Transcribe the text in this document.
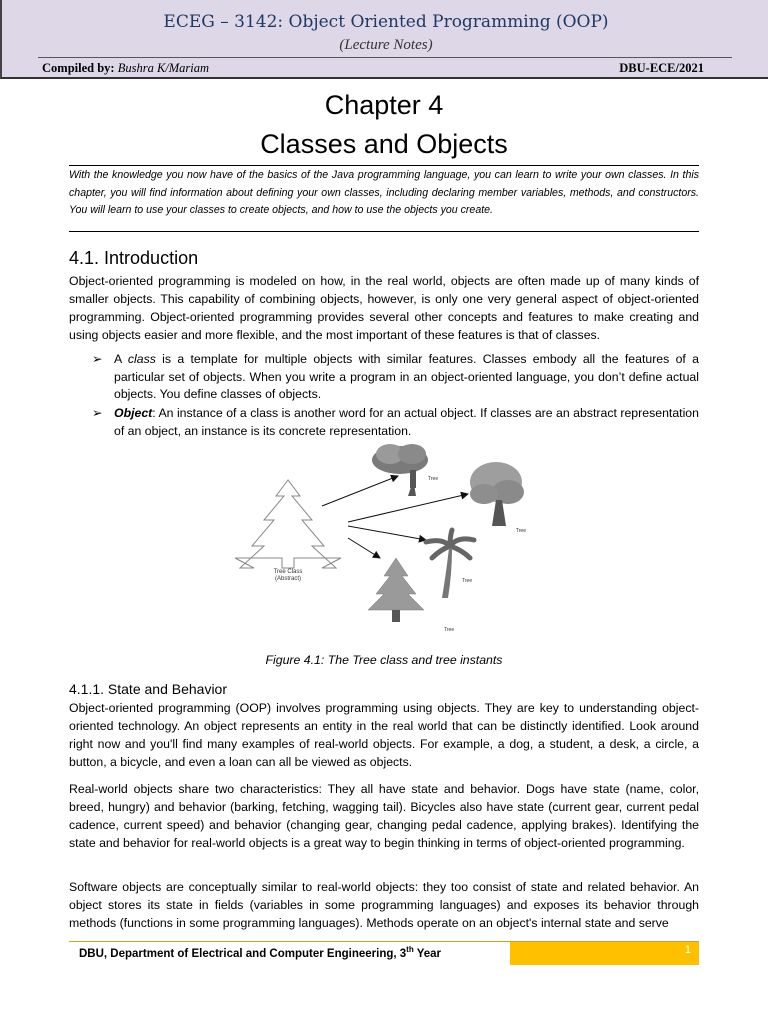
ECEG – 3142: Object Oriented Programming (OOP)
(Lecture Notes)
Compiled by: Bushra K/Mariam	DBU-ECE/2021
Chapter 4
Classes and Objects
With the knowledge you now have of the basics of the Java programming language, you can learn to write your own classes. In this chapter, you will find information about defining your own classes, including declaring member variables, methods, and constructors. You will learn to use your classes to create objects, and how to use the objects you create.
4.1. Introduction
Object-oriented programming is modeled on how, in the real world, objects are often made up of many kinds of smaller objects. This capability of combining objects, however, is only one very general aspect of object-oriented programming. Object-oriented programming provides several other concepts and features to make creating and using objects easier and more flexible, and the most important of these features is that of classes.
➢ A class is a template for multiple objects with similar features. Classes embody all the features of a particular set of objects. When you write a program in an object-oriented language, you don’t define actual objects. You define classes of objects.
➢ Object: An instance of a class is another word for an actual object. If classes are an abstract representation of an object, an instance is its concrete representation.
Tree Class
(Abstract)
Tree
Tree
Tree
Tree
Figure 4.1: The Tree class and tree instants
4.1.1. State and Behavior
Object-oriented programming (OOP) involves programming using objects. They are key to understanding object-oriented technology. An object represents an entity in the real world that can be distinctly identified. Look around right now and you'll find many examples of real-world objects. For example, a dog, a student, a desk, a circle, a button, a bicycle, and even a loan can all be viewed as objects.
Real-world objects share two characteristics: They all have state and behavior. Dogs have state (name, color, breed, hungry) and behavior (barking, fetching, wagging tail). Bicycles also have state (current gear, current pedal cadence, current speed) and behavior (changing gear, changing pedal cadence, applying brakes). Identifying the state and behavior for real-world objects is a great way to begin thinking in terms of object-oriented programming.
Software objects are conceptually similar to real-world objects: they too consist of state and related behavior. An object stores its state in fields (variables in some programming languages) and exposes its behavior through methods (functions in some programming languages). Methods operate on an object's internal state and serve
DBU, Department of Electrical and Computer Engineering, 3th Year	1
